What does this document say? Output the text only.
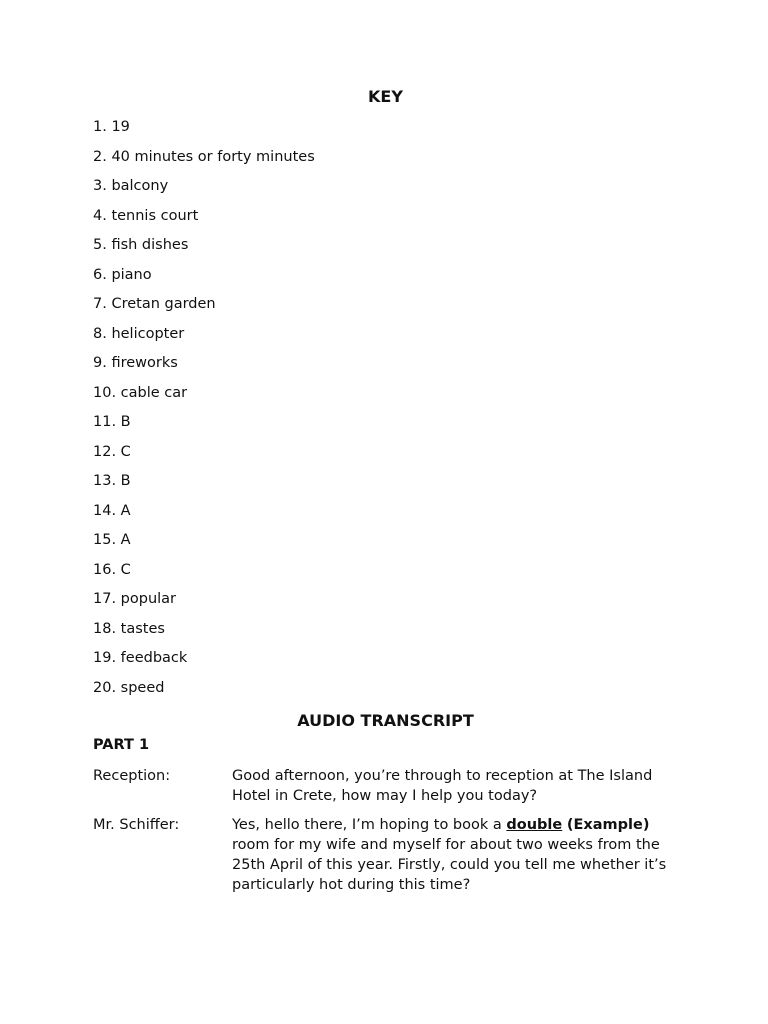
KEY
1. 19
2. 40 minutes or forty minutes
3. balcony
4. tennis court
5. fish dishes
6. piano
7. Cretan garden
8. helicopter
9. fireworks
10. cable car
11. B
12. C
13. B
14. A
15. A
16. C
17. popular
18. tastes
19. feedback
20. speed
AUDIO TRANSCRIPT
PART 1
Reception:	Good afternoon, you’re through to reception at The Island Hotel in Crete, how may I help you today?
Mr. Schiffer:	Yes, hello there, I’m hoping to book a double (Example) room for my wife and myself for about two weeks from the 25th April of this year. Firstly, could you tell me whether it’s particularly hot during this time?
